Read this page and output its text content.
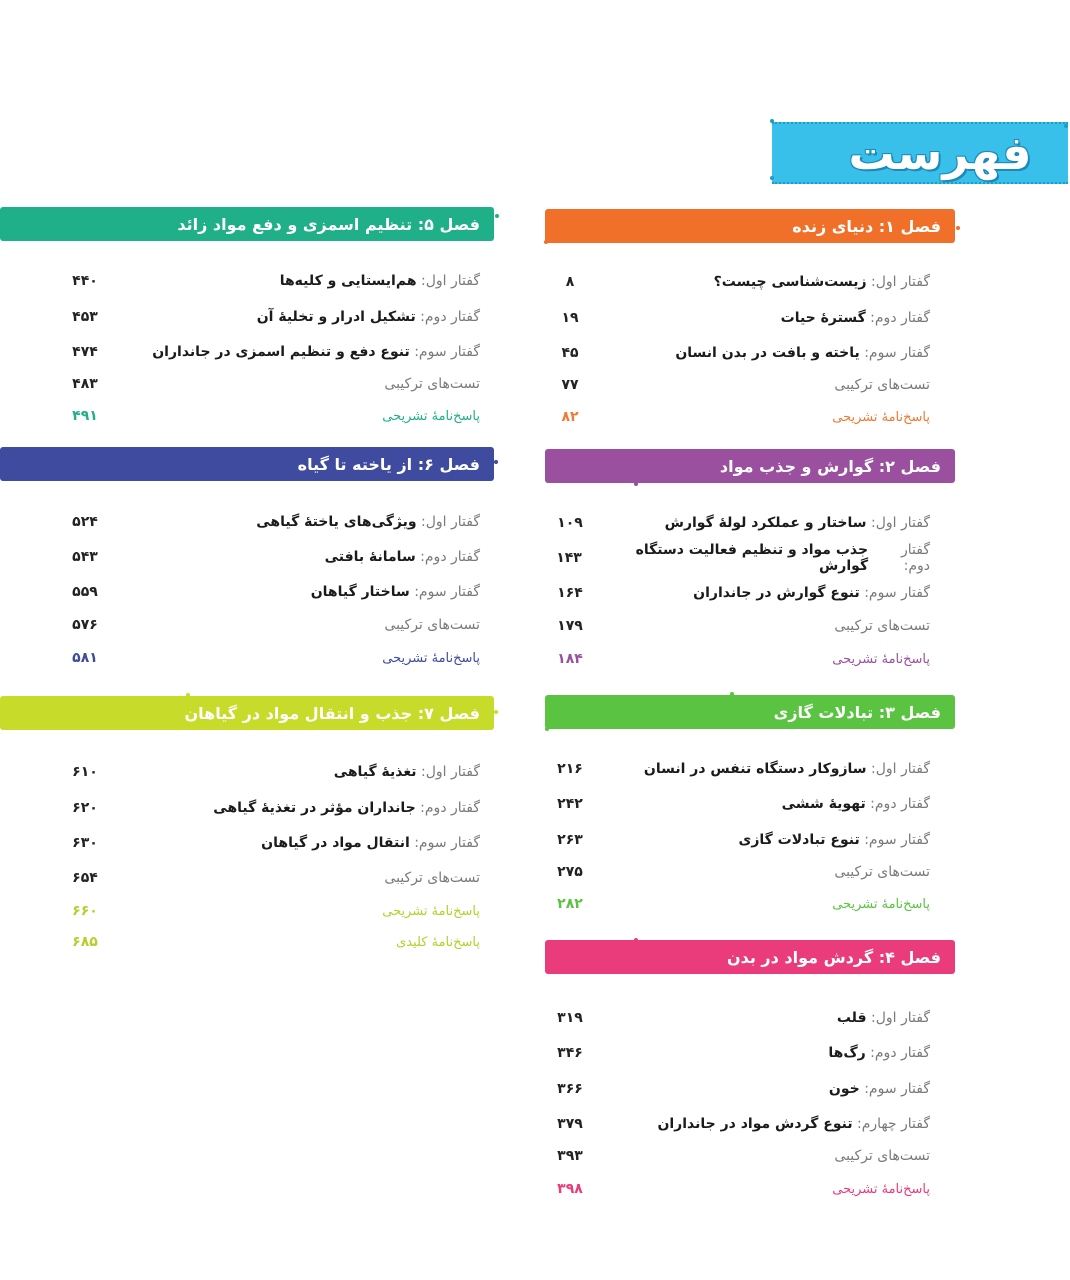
فهرست
فصل ۱: دنیای زنده
گفتار اول:

زیست‌شناسی چیست؟
۸
گفتار دوم:

گسترهٔ حیات
۱۹
گفتار سوم:

یاخته و بافت در بدن انسان
۴۵
تست‌های ترکیبی
۷۷
پاسخ‌نامهٔ تشریحی
۸۲
فصل ۲: گوارش و جذب مواد
گفتار اول:

ساختار و عملکرد لولهٔ گوارش
۱۰۹
گفتار دوم:

جذب مواد و تنظیم فعالیت دستگاه گوارش
۱۴۳
گفتار سوم:

تنوع گوارش در جانداران
۱۶۴
تست‌های ترکیبی
۱۷۹
پاسخ‌نامهٔ تشریحی
۱۸۴
فصل ۳: تبادلات گازی
گفتار اول:

سازوکار دستگاه تنفس در انسان
۲۱۶
گفتار دوم:

تهویهٔ ششی
۲۴۲
گفتار سوم:

تنوع تبادلات گازی
۲۶۳
تست‌های ترکیبی
۲۷۵
پاسخ‌نامهٔ تشریحی
۲۸۲
فصل ۴: گردش مواد در بدن
گفتار اول:

قلب
۳۱۹
گفتار دوم:

رگ‌ها
۳۴۶
گفتار سوم:

خون
۳۶۶
گفتار چهارم:

تنوع گردش مواد در جانداران
۳۷۹
تست‌های ترکیبی
۳۹۳
پاسخ‌نامهٔ تشریحی
۳۹۸
فصل ۵: تنظیم اسمزی و دفع مواد زائد
گفتار اول:

هم‌ایستایی و کلیه‌ها
۴۴۰
گفتار دوم:

تشکیل ادرار و تخلیهٔ آن
۴۵۳
گفتار سوم:

تنوع دفع و تنظیم اسمزی در جانداران
۴۷۴
تست‌های ترکیبی
۴۸۳
پاسخ‌نامهٔ تشریحی
۴۹۱
فصل ۶: از یاخته تا گیاه
گفتار اول:

ویژگی‌های یاختهٔ گیاهی
۵۲۴
گفتار دوم:

سامانهٔ بافتی
۵۴۳
گفتار سوم:

ساختار گیاهان
۵۵۹
تست‌های ترکیبی
۵۷۶
پاسخ‌نامهٔ تشریحی
۵۸۱
فصل ۷: جذب و انتقال مواد در گیاهان
گفتار اول:

تغذیهٔ گیاهی
۶۱۰
گفتار دوم:

جانداران مؤثر در تغذیهٔ گیاهی
۶۲۰
گفتار سوم:

انتقال مواد در گیاهان
۶۳۰
تست‌های ترکیبی
۶۵۴
پاسخ‌نامهٔ تشریحی
۶۶۰
پاسخ‌نامهٔ کلیدی
۶۸۵
